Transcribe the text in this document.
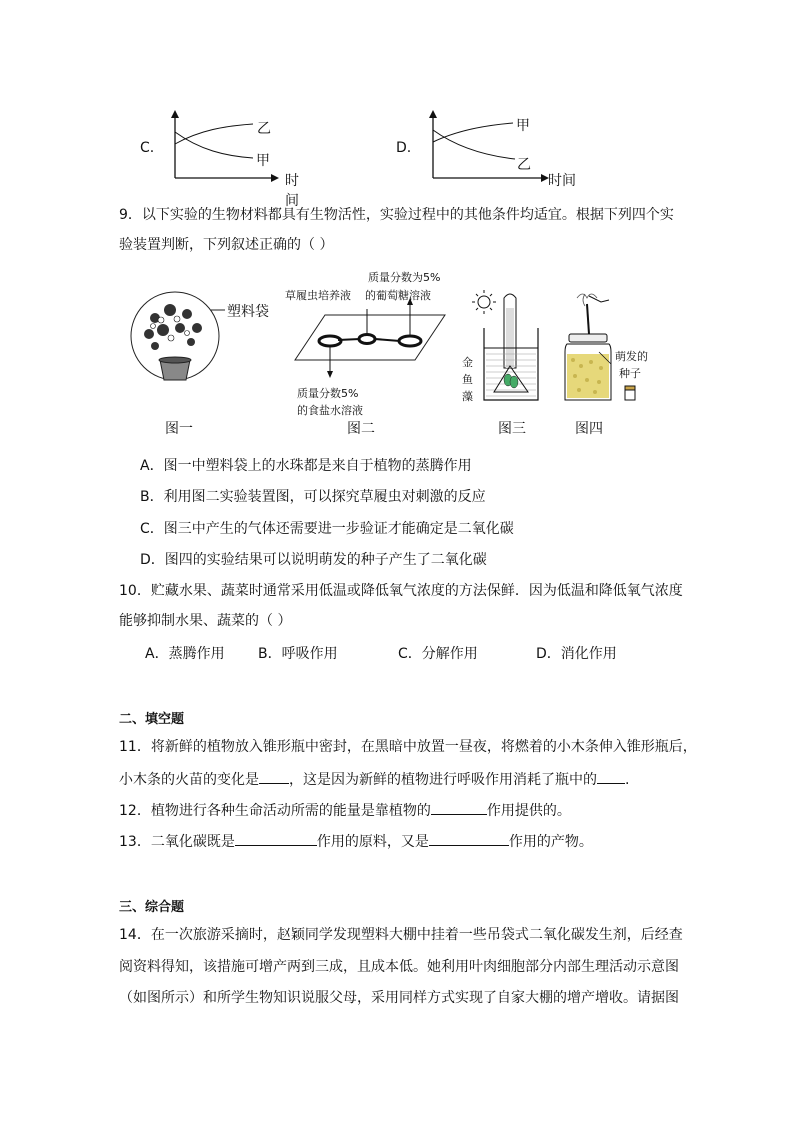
C.
乙
甲
时间
D.
甲
乙
时间
9．以下实验的生物材料都具有生物活性，实验过程中的其他条件均适宜。根据下列四个实
验装置判断，下列叙述正确的（ ）
塑料袋
图一
质量分数为5%
草履虫培养液 的葡萄糖溶液
质量分数5%
的食盐水溶液
图二
金
鱼
藻
图三
萌发的
种子
图四
A．图一中塑料袋上的水珠都是来自于植物的蒸腾作用
B．利用图二实验装置图，可以探究草履虫对刺激的反应
C．图三中产生的气体还需要进一步验证才能确定是二氧化碳
D．图四的实验结果可以说明萌发的种子产生了二氧化碳
10．贮藏水果、蔬菜时通常采用低温或降低氧气浓度的方法保鲜．因为低温和降低氧气浓度
能够抑制水果、蔬菜的（ ）
A．蒸腾作用 B．呼吸作用	C．分解作用	D．消化作用
二、填空题
11．将新鲜的植物放入锥形瓶中密封，在黑暗中放置一昼夜，将燃着的小木条伸入锥形瓶后，
小木条的火苗的变化是 ，这是因为新鲜的植物进行呼吸作用消耗了瓶中的 .
12．植物进行各种生命活动所需的能量是靠植物的	作用提供的。
13．二氧化碳既是	作用的原料，又是	作用的产物。
三、综合题
14．在一次旅游采摘时，赵颖同学发现塑料大棚中挂着一些吊袋式二氧化碳发生剂，后经查
阅资料得知，该措施可增产两到三成，且成本低。她利用叶肉细胞部分内部生理活动示意图
（如图所示）和所学生物知识说服父母，采用同样方式实现了自家大棚的增产增收。请据图
